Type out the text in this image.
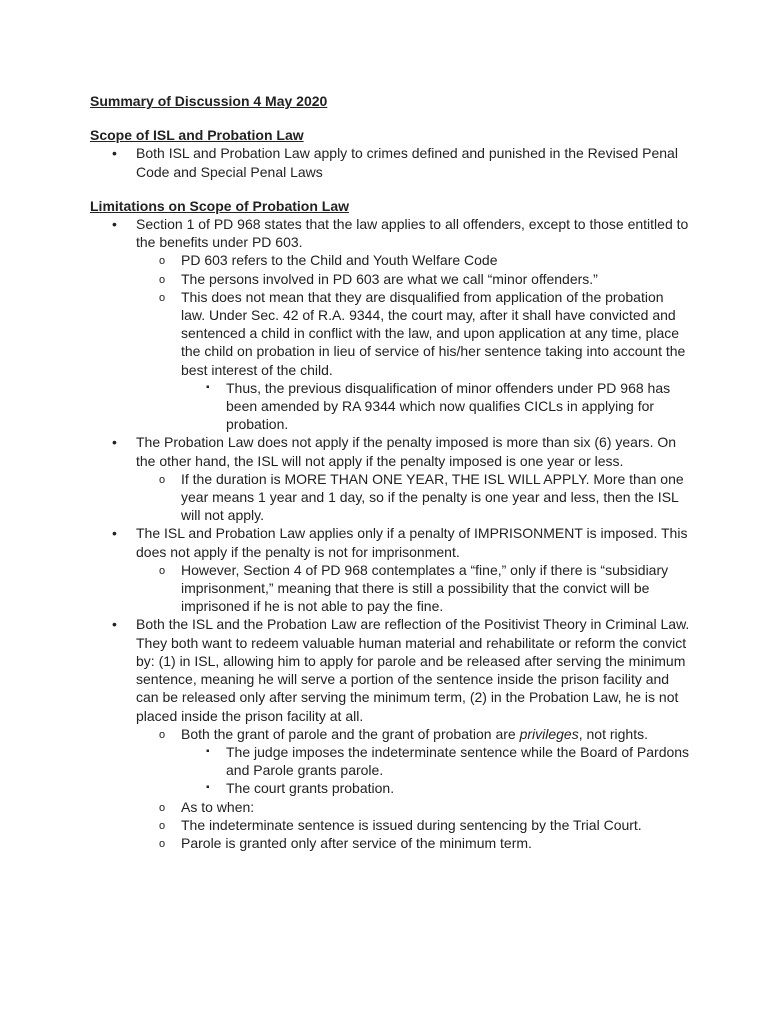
Summary of Discussion 4 May 2020

Scope of ISL and Probation Law

• Both ISL and Probation Law apply to crimes defined and punished in the Revised Penal Code and Special Penal Laws

Limitations on Scope of Probation Law

• Section 1 of PD 968 states that the law applies to all offenders, except to those entitled to the benefits under PD 603.
o PD 603 refers to the Child and Youth Welfare Code
o The persons involved in PD 603 are what we call “minor offenders.”
o This does not mean that they are disqualified from application of the probation law. Under Sec. 42 of R.A. 9344, the court may, after it shall have convicted and sentenced a child in conflict with the law, and upon application at any time, place the child on probation in lieu of service of his/her sentence taking into account the best interest of the child.
▪ Thus, the previous disqualification of minor offenders under PD 968 has been amended by RA 9344 which now qualifies CICLs in applying for probation.
• The Probation Law does not apply if the penalty imposed is more than six (6) years. On the other hand, the ISL will not apply if the penalty imposed is one year or less.
o If the duration is MORE THAN ONE YEAR, THE ISL WILL APPLY. More than one year means 1 year and 1 day, so if the penalty is one year and less, then the ISL will not apply.
• The ISL and Probation Law applies only if a penalty of IMPRISONMENT is imposed. This does not apply if the penalty is not for imprisonment.
o However, Section 4 of PD 968 contemplates a “fine,” only if there is “subsidiary imprisonment,” meaning that there is still a possibility that the convict will be imprisoned if he is not able to pay the fine.
• Both the ISL and the Probation Law are reflection of the Positivist Theory in Criminal Law. They both want to redeem valuable human material and rehabilitate or reform the convict by: (1) in ISL, allowing him to apply for parole and be released after serving the minimum sentence, meaning he will serve a portion of the sentence inside the prison facility and can be released only after serving the minimum term, (2) in the Probation Law, he is not placed inside the prison facility at all.
o Both the grant of parole and the grant of probation are privileges, not rights.
▪ The judge imposes the indeterminate sentence while the Board of Pardons and Parole grants parole.
▪ The court grants probation.
o As to when:
o The indeterminate sentence is issued during sentencing by the Trial Court.
o Parole is granted only after service of the minimum term.
